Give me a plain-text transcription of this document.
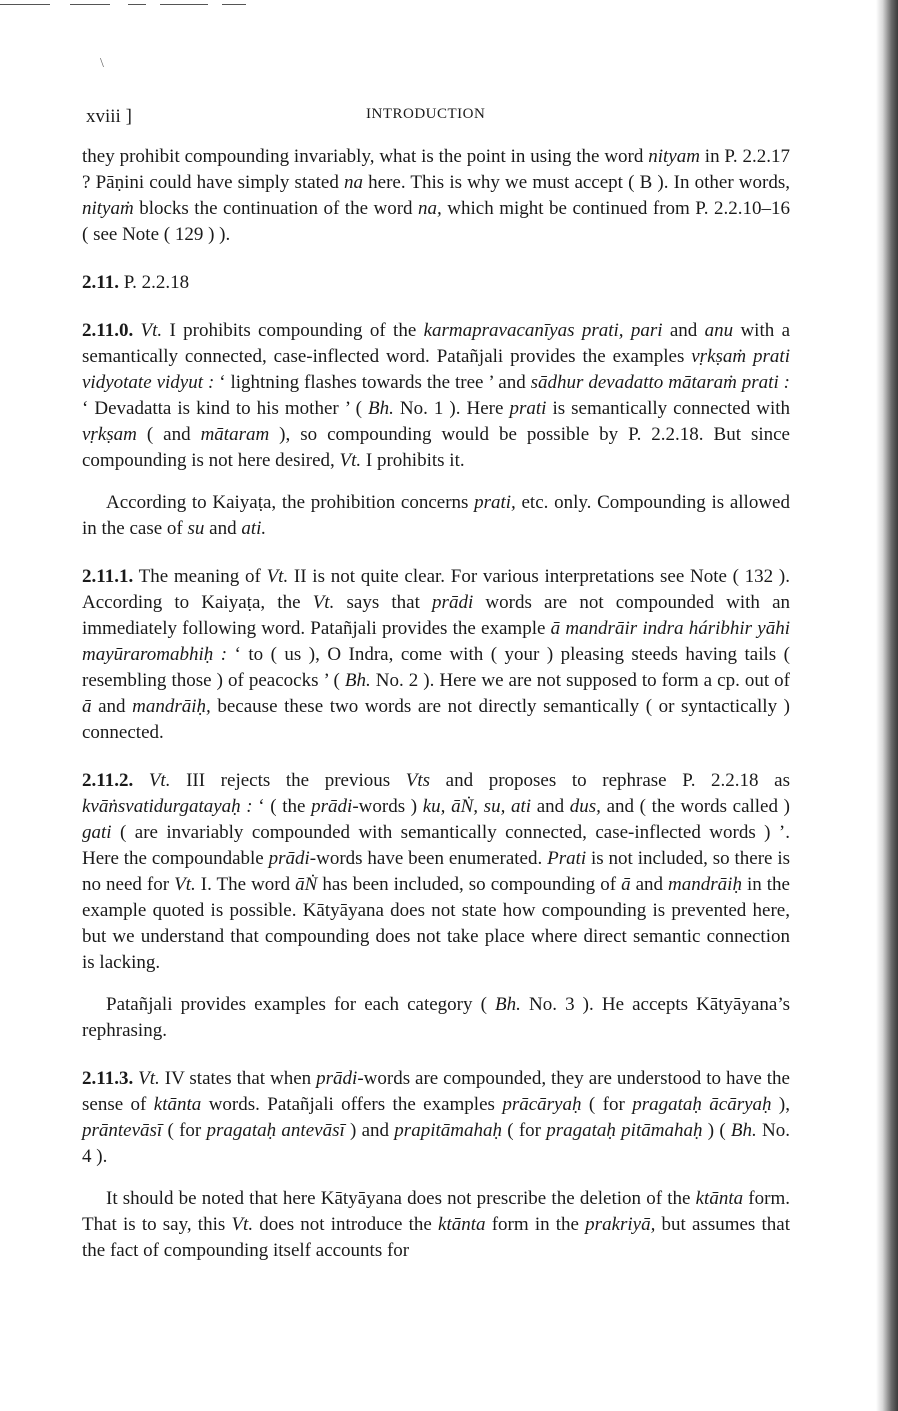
\
xviii ]	INTRODUCTION

they prohibit compounding invariably, what is the point in using the word nityam in P. 2.2.17 ? Pāṇini could have simply stated na here. This is why we must accept ( B ). In other words, nityaṁ blocks the continuation of the word na, which might be continued from P. 2.2.10–16 ( see Note ( 129 ) ).

2.11. P. 2.2.18

2.11.0. Vt. I prohibits compounding of the karmapravacanīyas prati, pari and anu with a semantically connected, case-inflected word. Patañjali provides the examples vṛkṣaṁ prati vidyotate vidyut : ‘ lightning flashes towards the tree ’ and sādhur devadatto mātaraṁ prati : ‘ Devadatta is kind to his mother ’ ( Bh. No. 1 ). Here prati is semantically connected with vṛkṣam ( and mātaram ), so compounding would be possible by P. 2.2.18. But since compounding is not here desired, Vt. I prohibits it.

According to Kaiyaṭa, the prohibition concerns prati, etc. only. Compounding is allowed in the case of su and ati.

2.11.1. The meaning of Vt. II is not quite clear. For various interpretations see Note ( 132 ). According to Kaiyaṭa, the Vt. says that prādi words are not compounded with an immediately following word. Patañjali provides the example ā mandrāir indra háribhir yāhi mayūraromabhiḥ : ‘ to ( us ), O Indra, come with ( your ) pleasing steeds having tails ( resembling those ) of peacocks ’ ( Bh. No. 2 ). Here we are not supposed to form a cp. out of ā and mandrāiḥ, because these two words are not directly semantically ( or syntactically ) connected.

2.11.2. Vt. III rejects the previous Vts and proposes to rephrase P. 2.2.18 as kvāṅsvatidurgatayaḥ : ‘ ( the prādi-words ) ku, āṄ, su, ati and dus, and ( the words called ) gati ( are invariably compounded with semantically connected, case-inflected words ) ’. Here the compoundable prādi-words have been enumerated. Prati is not included, so there is no need for Vt. I. The word āṄ has been included, so compounding of ā and mandrāiḥ in the example quoted is possible. Kātyāyana does not state how compounding is prevented here, but we understand that compounding does not take place where direct semantic connection is lacking.

Patañjali provides examples for each category ( Bh. No. 3 ). He accepts Kātyāyana’s rephrasing.

2.11.3. Vt. IV states that when prādi-words are compounded, they are understood to have the sense of ktānta words. Patañjali offers the examples prācāryaḥ ( for pragataḥ ācāryaḥ ), prāntevāsī ( for pragataḥ antevāsī ) and prapitāmahaḥ ( for pragataḥ pitāmahaḥ ) ( Bh. No. 4 ).

It should be noted that here Kātyāyana does not prescribe the deletion of the ktānta form. That is to say, this Vt. does not introduce the ktānta form in the prakriyā, but assumes that the fact of compounding itself accounts for
